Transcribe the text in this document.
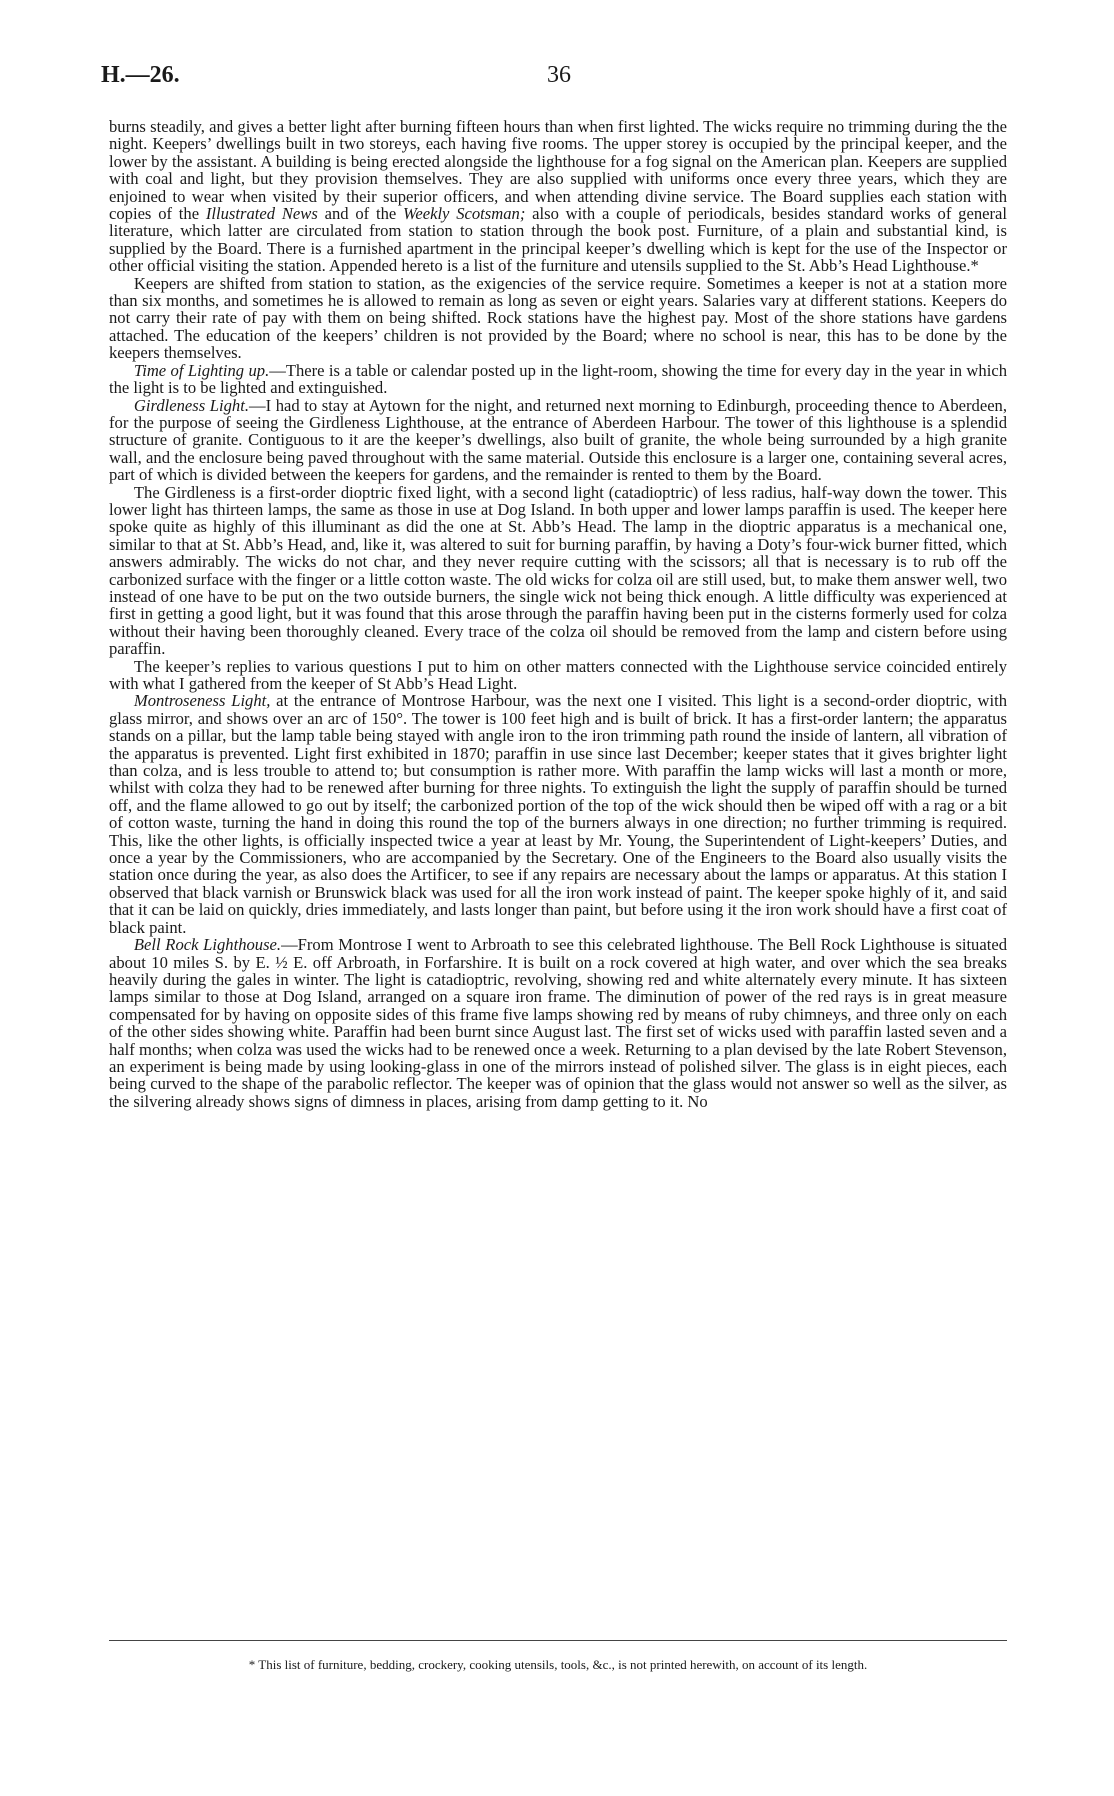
H.—26.	36

burns steadily, and gives a better light after burning fifteen hours than when first lighted. The wicks require no trimming during the the night. Keepers’ dwellings built in two storeys, each having five rooms. The upper storey is occupied by the principal keeper, and the lower by the assistant. A building is being erected alongside the lighthouse for a fog signal on the American plan. Keepers are supplied with coal and light, but they provision themselves. They are also supplied with uniforms once every three years, which they are enjoined to wear when visited by their superior officers, and when attending divine service. The Board supplies each station with copies of the Illustrated News and of the Weekly Scotsman; also with a couple of periodicals, besides standard works of general literature, which latter are circulated from station to station through the book post. Furniture, of a plain and substantial kind, is supplied by the Board. There is a furnished apartment in the principal keeper’s dwelling which is kept for the use of the Inspector or other official visiting the station. Appended hereto is a list of the furniture and utensils supplied to the St. Abb’s Head Lighthouse.*

Keepers are shifted from station to station, as the exigencies of the service require. Sometimes a keeper is not at a station more than six months, and sometimes he is allowed to remain as long as seven or eight years. Salaries vary at different stations. Keepers do not carry their rate of pay with them on being shifted. Rock stations have the highest pay. Most of the shore stations have gardens attached. The education of the keepers’ children is not provided by the Board; where no school is near, this has to be done by the keepers themselves.

Time of Lighting up.—There is a table or calendar posted up in the light-room, showing the time for every day in the year in which the light is to be lighted and extinguished.

Girdleness Light.—I had to stay at Aytown for the night, and returned next morning to Edinburgh, proceeding thence to Aberdeen, for the purpose of seeing the Girdleness Lighthouse, at the entrance of Aberdeen Harbour. The tower of this lighthouse is a splendid structure of granite. Contiguous to it are the keeper’s dwellings, also built of granite, the whole being surrounded by a high granite wall, and the enclosure being paved throughout with the same material. Outside this enclosure is a larger one, containing several acres, part of which is divided between the keepers for gardens, and the remainder is rented to them by the Board.

The Girdleness is a first-order dioptric fixed light, with a second light (catadioptric) of less radius, half-way down the tower. This lower light has thirteen lamps, the same as those in use at Dog Island. In both upper and lower lamps paraffin is used. The keeper here spoke quite as highly of this illuminant as did the one at St. Abb’s Head. The lamp in the dioptric apparatus is a mechanical one, similar to that at St. Abb’s Head, and, like it, was altered to suit for burning paraffin, by having a Doty’s four-wick burner fitted, which answers admirably. The wicks do not char, and they never require cutting with the scissors; all that is necessary is to rub off the carbonized surface with the finger or a little cotton waste. The old wicks for colza oil are still used, but, to make them answer well, two instead of one have to be put on the two outside burners, the single wick not being thick enough. A little difficulty was experienced at first in getting a good light, but it was found that this arose through the paraffin having been put in the cisterns formerly used for colza without their having been thoroughly cleaned. Every trace of the colza oil should be removed from the lamp and cistern before using paraffin.

The keeper’s replies to various questions I put to him on other matters connected with the Lighthouse service coincided entirely with what I gathered from the keeper of St Abb’s Head Light.

Montroseness Light, at the entrance of Montrose Harbour, was the next one I visited. This light is a second-order dioptric, with glass mirror, and shows over an arc of 150°. The tower is 100 feet high and is built of brick. It has a first-order lantern; the apparatus stands on a pillar, but the lamp table being stayed with angle iron to the iron trimming path round the inside of lantern, all vibration of the apparatus is prevented. Light first exhibited in 1870; paraffin in use since last December; keeper states that it gives brighter light than colza, and is less trouble to attend to; but consumption is rather more. With paraffin the lamp wicks will last a month or more, whilst with colza they had to be renewed after burning for three nights. To extinguish the light the supply of paraffin should be turned off, and the flame allowed to go out by itself; the carbonized portion of the top of the wick should then be wiped off with a rag or a bit of cotton waste, turning the hand in doing this round the top of the burners always in one direction; no further trimming is required. This, like the other lights, is officially inspected twice a year at least by Mr. Young, the Superintendent of Light-keepers’ Duties, and once a year by the Commissioners, who are accompanied by the Secretary. One of the Engineers to the Board also usually visits the station once during the year, as also does the Artificer, to see if any repairs are necessary about the lamps or apparatus. At this station I observed that black varnish or Brunswick black was used for all the iron work instead of paint. The keeper spoke highly of it, and said that it can be laid on quickly, dries immediately, and lasts longer than paint, but before using it the iron work should have a first coat of black paint.

Bell Rock Lighthouse.—From Montrose I went to Arbroath to see this celebrated lighthouse. The Bell Rock Lighthouse is situated about 10 miles S. by E. ½ E. off Arbroath, in Forfarshire. It is built on a rock covered at high water, and over which the sea breaks heavily during the gales in winter. The light is catadioptric, revolving, showing red and white alternately every minute. It has sixteen lamps similar to those at Dog Island, arranged on a square iron frame. The diminution of power of the red rays is in great measure compensated for by having on opposite sides of this frame five lamps showing red by means of ruby chimneys, and three only on each of the other sides showing white. Paraffin had been burnt since August last. The first set of wicks used with paraffin lasted seven and a half months; when colza was used the wicks had to be renewed once a week. Returning to a plan devised by the late Robert Stevenson, an experiment is being made by using looking-glass in one of the mirrors instead of polished silver. The glass is in eight pieces, each being curved to the shape of the parabolic reflector. The keeper was of opinion that the glass would not answer so well as the silver, as the silvering already shows signs of dimness in places, arising from damp getting to it. No

* This list of furniture, bedding, crockery, cooking utensils, tools, &c., is not printed herewith, on account of its length.
